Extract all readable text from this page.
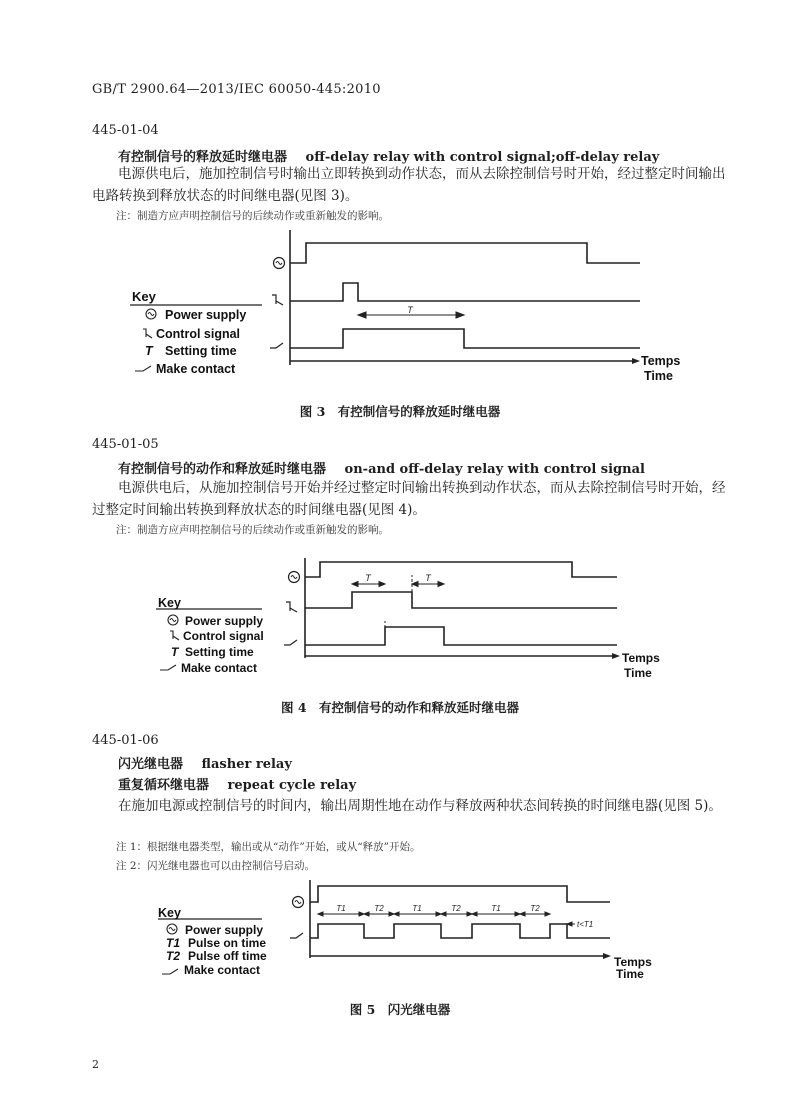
GB/T 2900.64—2013/IEC 60050-445:2010
445-01-04
有控制信号的释放延时继电器 off-delay relay with control signal;off-delay relay
电源供电后，施加控制信号时输出立即转换到动作状态，而从去除控制信号时开始，经过整定时间输出电路转换到释放状态的时间继电器(见图 3)。
注：制造方应声明控制信号的后续动作或重新触发的影响。
T
Key
Power supply
Control signal
T Setting time
Make contact
Temps
Time
图 3　有控制信号的释放延时继电器
445-01-05
有控制信号的动作和释放延时继电器 on-and off-delay relay with control signal
电源供电后，从施加控制信号开始并经过整定时间输出转换到动作状态，而从去除控制信号时开始，经过整定时间输出转换到释放状态的时间继电器(见图 4)。
注：制造方应声明控制信号的后续动作或重新触发的影响。
T	T
Key
Power supply
Control signal
T Setting time
Make contact
Temps
Time
图 4　有控制信号的动作和释放延时继电器
445-01-06
闪光继电器 flasher relay
重复循环继电器 repeat cycle relay
在施加电源或控制信号的时间内，输出周期性地在动作与释放两种状态间转换的时间继电器(见图 5)。
注 1：根据继电器类型，输出或从“动作”开始，或从“释放”开始。
注 2：闪光继电器也可以由控制信号启动。
T1	T2	T1	T2	T1	T2
t<T1
Key
Power supply
T1 Pulse on time
T2 Pulse off time
Make contact
Temps
Time
图 5　闪光继电器
2
